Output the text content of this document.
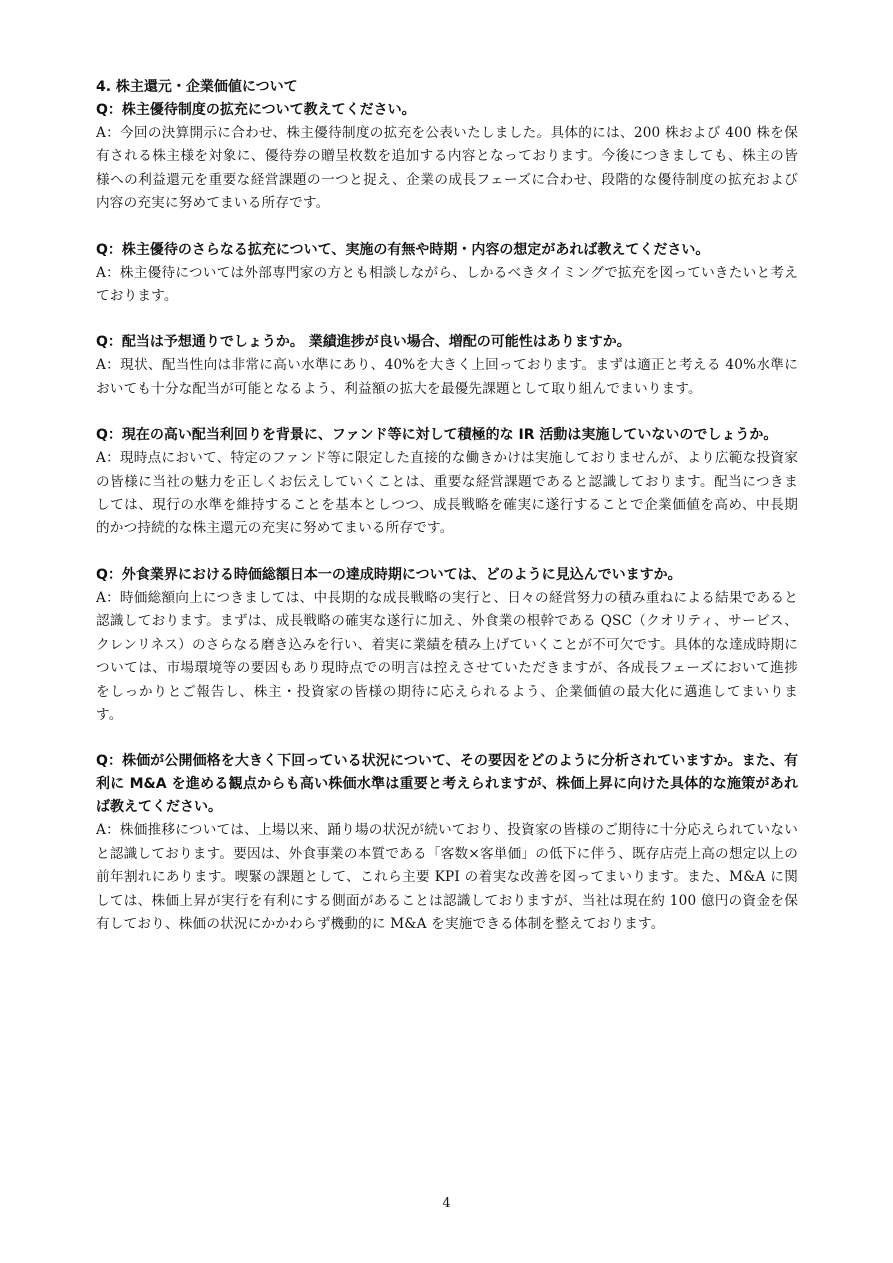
4. 株主還元・企業価値について

Q：株主優待制度の拡充について教えてください。

A：今回の決算開示に合わせ、株主優待制度の拡充を公表いたしました。具体的には、200 株および 400 株を保有される株主様を対象に、優待券の贈呈枚数を追加する内容となっております。今後につきましても、株主の皆様への利益還元を重要な経営課題の一つと捉え、企業の成長フェーズに合わせ、段階的な優待制度の拡充および内容の充実に努めてまいる所存です。

Q：株主優待のさらなる拡充について、実施の有無や時期・内容の想定があれば教えてください。

A：株主優待については外部専門家の方とも相談しながら、しかるべきタイミングで拡充を図っていきたいと考えております。

Q：配当は予想通りでしょうか。 業績進捗が良い場合、増配の可能性はありますか。

A：現状、配当性向は非常に高い水準にあり、40%を大きく上回っております。まずは適正と考える 40%水準においても十分な配当が可能となるよう、利益額の拡大を最優先課題として取り組んでまいります。

Q：現在の高い配当利回りを背景に、ファンド等に対して積極的な IR 活動は実施していないのでしょうか。

A：現時点において、特定のファンド等に限定した直接的な働きかけは実施しておりませんが、より広範な投資家の皆様に当社の魅力を正しくお伝えしていくことは、重要な経営課題であると認識しております。配当につきましては、現行の水準を維持することを基本としつつ、成長戦略を確実に遂行することで企業価値を高め、中長期的かつ持続的な株主還元の充実に努めてまいる所存です。

Q：外食業界における時価総額日本一の達成時期については、どのように見込んでいますか。

A：時価総額向上につきましては、中長期的な成長戦略の実行と、日々の経営努力の積み重ねによる結果であると認識しております。まずは、成長戦略の確実な遂行に加え、外食業の根幹である QSC（クオリティ、サービス、クレンリネス）のさらなる磨き込みを行い、着実に業績を積み上げていくことが不可欠です。具体的な達成時期については、市場環境等の要因もあり現時点での明言は控えさせていただきますが、各成長フェーズにおいて進捗をしっかりとご報告し、株主・投資家の皆様の期待に応えられるよう、企業価値の最大化に邁進してまいります。

Q：株価が公開価格を大きく下回っている状況について、その要因をどのように分析されていますか。また、有利に M&A を進める観点からも高い株価水準は重要と考えられますが、株価上昇に向けた具体的な施策があれば教えてください。

A：株価推移については、上場以来、踊り場の状況が続いており、投資家の皆様のご期待に十分応えられていないと認識しております。要因は、外食事業の本質である「客数×客単価」の低下に伴う、既存店売上高の想定以上の前年割れにあります。喫緊の課題として、これら主要 KPI の着実な改善を図ってまいります。また、M&A に関しては、株価上昇が実行を有利にする側面があることは認識しておりますが、当社は現在約 100 億円の資金を保有しており、株価の状況にかかわらず機動的に M&A を実施できる体制を整えております。

4
